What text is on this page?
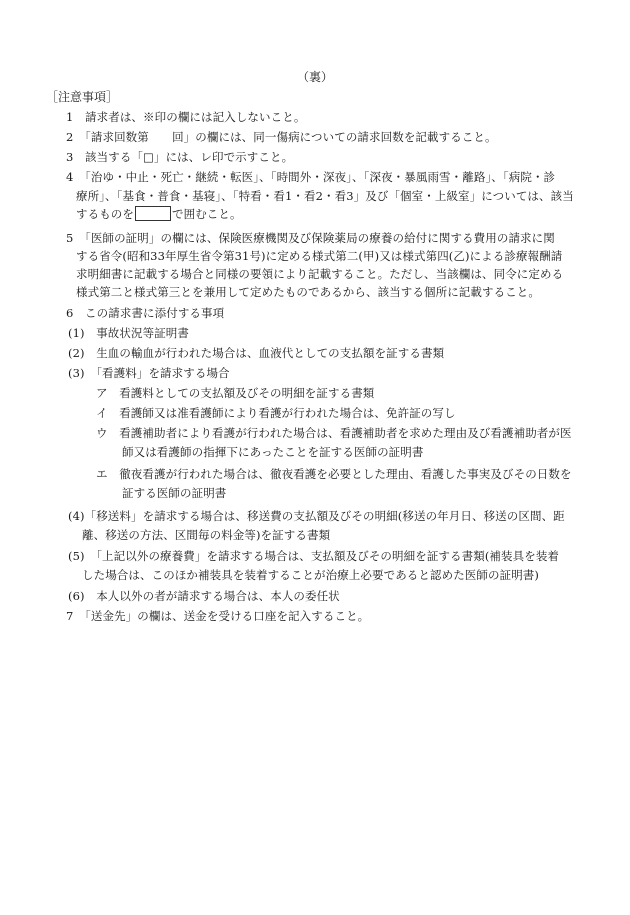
（裏）
［注意事項］
1　請求者は、※印の欄には記入しないこと。
2　「請求回数第　　回」の欄には、同一傷病についての請求回数を記載すること。
3　該当する「□」には、レ印で示すこと。
4　「治ゆ・中止・死亡・継続・転医」、「時間外・深夜」、「深夜・暴風雨雪・離路」、「病院・診
療所」、「基食・普食・基寝」、「特看・看1・看2・看3」及び「個室・上級室」については、該当
するものを	で囲むこと。
5　「医師の証明」の欄には、保険医療機関及び保険薬局の療養の給付に関する費用の請求に関
する省令(昭和33年厚生省令第31号)に定める様式第二(甲)又は様式第四(乙)による診療報酬請
求明細書に記載する場合と同様の要領により記載すること。ただし、当該欄は、同令に定める
様式第二と様式第三とを兼用して定めたものであるから、該当する個所に記載すること。
6　この請求書に添付する事項
(1)　事故状況等証明書
(2)　生血の輸血が行われた場合は、血液代としての支払額を証する書類
(3)　「看護料」を請求する場合
ア　看護料としての支払額及びその明細を証する書類
イ　看護師又は准看護師により看護が行われた場合は、免許証の写し
ウ　看護補助者により看護が行われた場合は、看護補助者を求めた理由及び看護補助者が医
師又は看護師の指揮下にあったことを証する医師の証明書
エ　徹夜看護が行われた場合は、徹夜看護を必要とした理由、看護した事実及びその日数を
証する医師の証明書
(4)「移送料」を請求する場合は、移送費の支払額及びその明細(移送の年月日、移送の区間、距
離、移送の方法、区間毎の料金等)を証する書類
(5)　「上記以外の療養費」を請求する場合は、支払額及びその明細を証する書類(補装具を装着
した場合は、このほか補装具を装着することが治療上必要であると認めた医師の証明書)
(6)　本人以外の者が請求する場合は、本人の委任状
7　「送金先」の欄は、送金を受ける口座を記入すること。
